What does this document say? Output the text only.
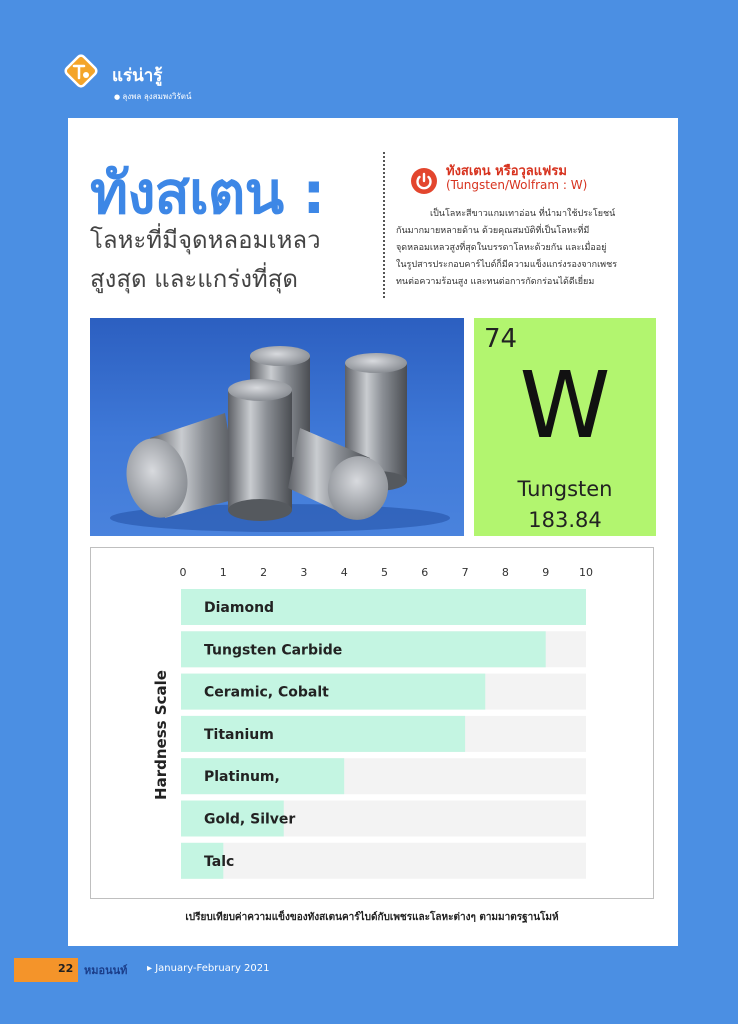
แร่น่ารู้
● ลุงพล ลุงสมพงวิรัตน์
ทังสเตน :
โลหะที่มีจุดหลอมเหลว
สูงสุด และแกร่งที่สุด
ทังสเตน หรือวุลแฟรม
(Tungsten/Wolfram : W)
เป็นโลหะสีขาวแกมเทาอ่อน ที่นำมาใช้ประโยชน์
กันมากมายหลายด้าน ด้วยคุณสมบัติที่เป็นโลหะที่มี
จุดหลอมเหลวสูงที่สุดในบรรดาโลหะด้วยกัน และเมื่ออยู่
ในรูปสารประกอบคาร์ไบด์ก็มีความแข็งแกร่งรองจากเพชร
ทนต่อความร้อนสูง และทนต่อการกัดกร่อนได้ดีเยี่ยม
74
W
Tungsten
183.84
0	1	2	3	4	5	6	7	8	9	10
Diamond
Tungsten Carbide
Ceramic, Cobalt
Titanium
Platinum,
Gold, Silver
Talc
Hardness Scale
เปรียบเทียบค่าความแข็งของทังสเตนคาร์ไบด์กับเพชรและโลหะต่างๆ ตามมาตรฐานโมห์
22 หมอนนท์ ▸ January-February 2021
